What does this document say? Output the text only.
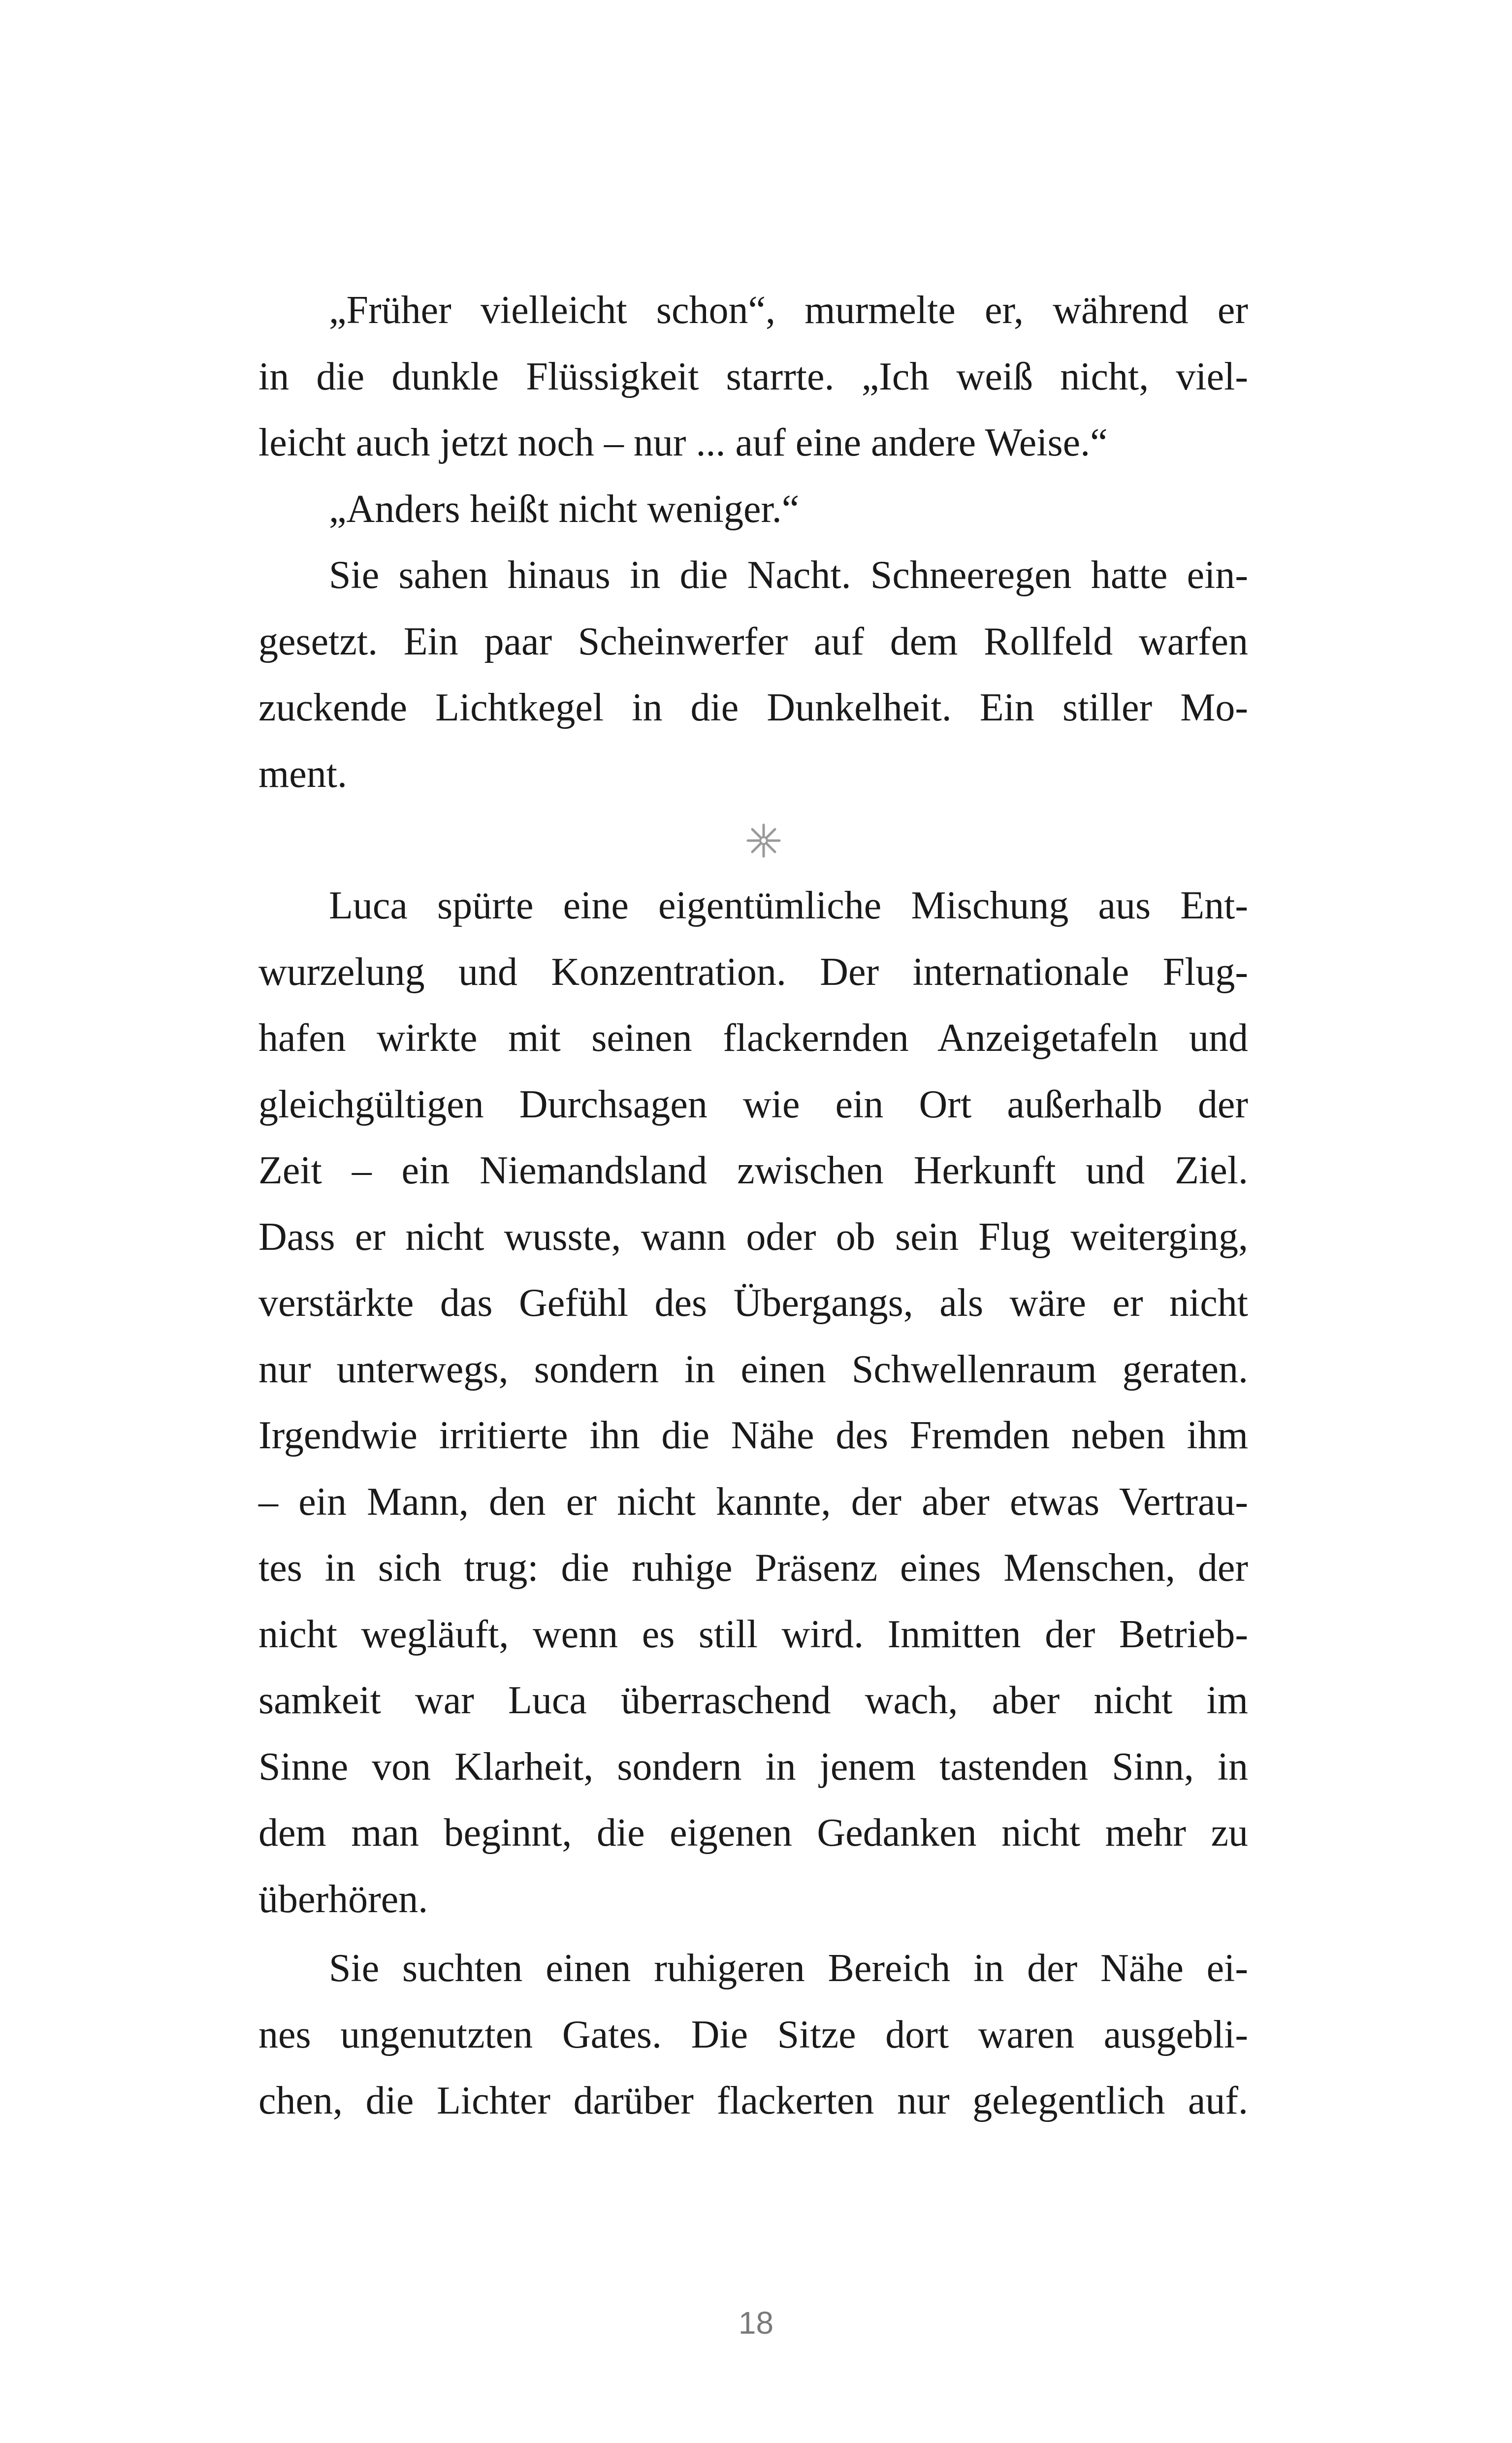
„Früher vielleicht schon“, murmelte er, während er
in die dunkle Flüssigkeit starrte. „Ich weiß nicht, viel-
leicht auch jetzt noch – nur ... auf eine andere Weise.“
„Anders heißt nicht weniger.“
Sie sahen hinaus in die Nacht. Schneeregen hatte ein-
gesetzt. Ein paar Scheinwerfer auf dem Rollfeld warfen
zuckende Lichtkegel in die Dunkelheit. Ein stiller Mo-
ment.
Luca spürte eine eigentümliche Mischung aus Ent-
wurzelung und Konzentration. Der internationale Flug-
hafen wirkte mit seinen flackernden Anzeigetafeln und
gleichgültigen Durchsagen wie ein Ort außerhalb der
Zeit – ein Niemandsland zwischen Herkunft und Ziel.
Dass er nicht wusste, wann oder ob sein Flug weiterging,
verstärkte das Gefühl des Übergangs, als wäre er nicht
nur unterwegs, sondern in einen Schwellenraum geraten.
Irgendwie irritierte ihn die Nähe des Fremden neben ihm
– ein Mann, den er nicht kannte, der aber etwas Vertrau-
tes in sich trug: die ruhige Präsenz eines Menschen, der
nicht wegläuft, wenn es still wird. Inmitten der Betrieb-
samkeit war Luca überraschend wach, aber nicht im
Sinne von Klarheit, sondern in jenem tastenden Sinn, in
dem man beginnt, die eigenen Gedanken nicht mehr zu
überhören.
Sie suchten einen ruhigeren Bereich in der Nähe ei-
nes ungenutzten Gates. Die Sitze dort waren ausgebli-
chen, die Lichter darüber flackerten nur gelegentlich auf.
18
